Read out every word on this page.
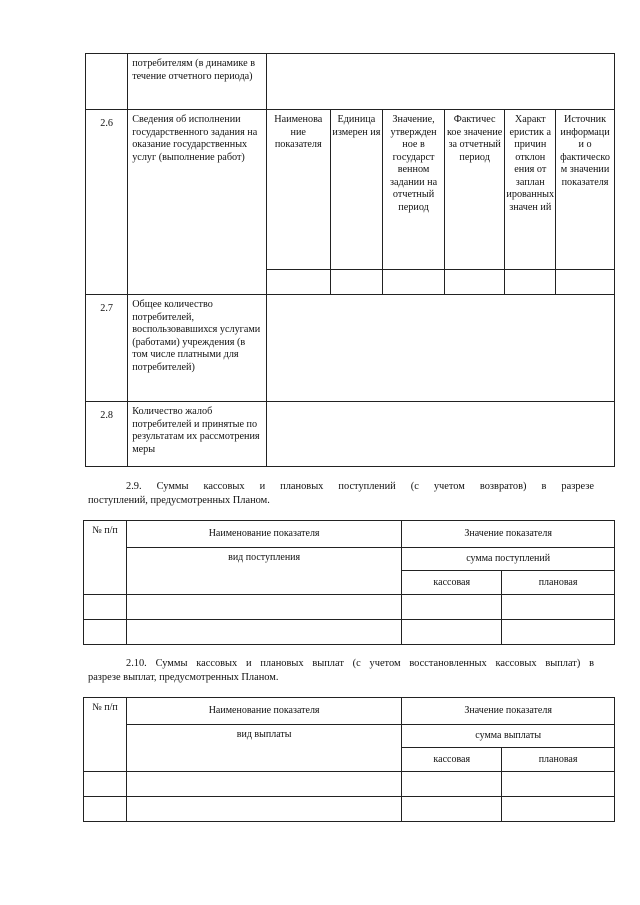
	потребителям (в динамике в течение отчетного периода)						
2.6	Сведения об исполнении государственного задания на оказание государственных услуг (выполнение работ)	Наименова ние показателя	Единица измерен ия	Значение, утвержден ное в государст венном задании на отчетный период	Фактичес кое значение за отчетный период	Характ еристик а причин отклон ения от заплан ированных значен ий	Источник информаци и о фактическо м значении показателя

2.7	Общее количество потребителей, воспользовавшихся услугами (работами) учреждения (в том числе платными для потребителей)						
2.8	Количество жалоб потребителей и принятые по результатам их рассмотрения меры						
2.9. Суммы кассовых и плановых поступлений (с учетом возвратов) в разрезе
поступлений, предусмотренных Планом.
№ п/п	Наименование показателя	Значение показателя	
	вид поступления	сумма поступлений	
		кассовая	плановая

2.10. Суммы кассовых и плановых выплат (с учетом восстановленных кассовых выплат) в
разрезе выплат, предусмотренных Планом.
№ п/п	Наименование показателя	Значение показателя	
	вид выплаты	сумма выплаты	
		кассовая	плановая
